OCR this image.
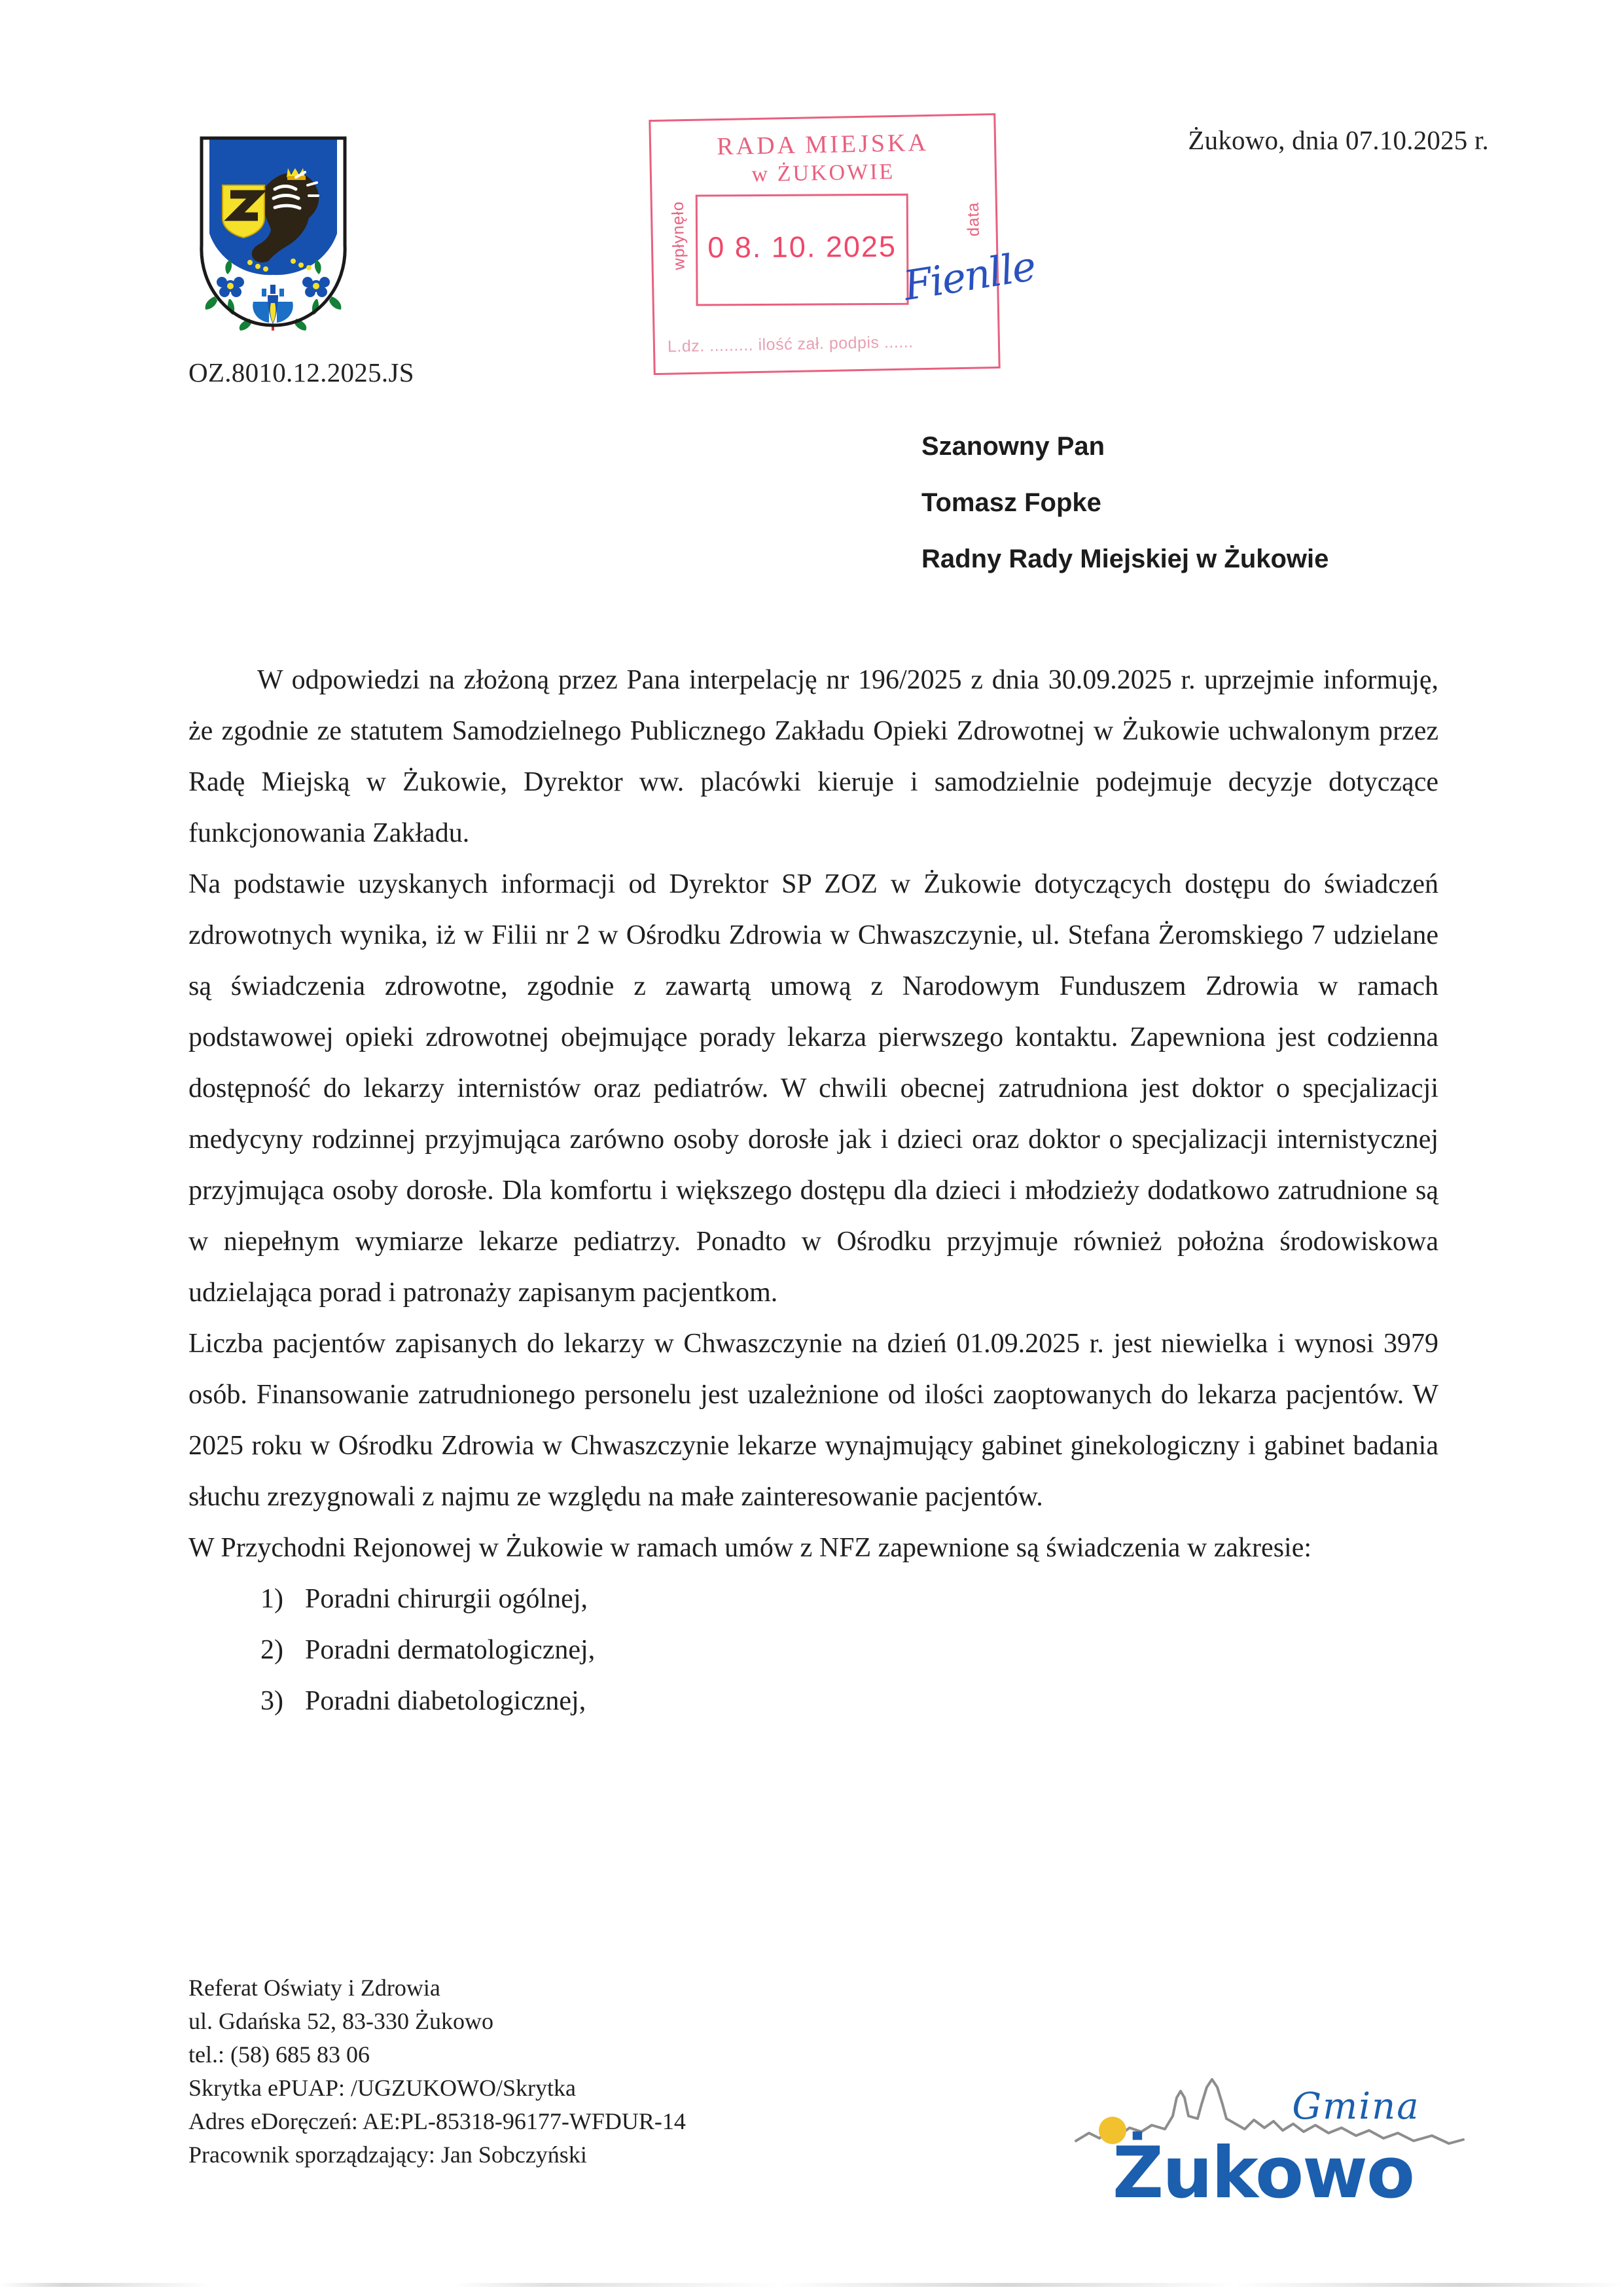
Żukowo, dnia 07.10.2025 r.
OZ.8010.12.2025.JS
RADA MIEJSKA
w ŻUKOWIE
0 8. 10. 2025
wpłynęło	data
L.dz. ......... ilość zał. podpis ......
Fienlle
Szanowny Pan
Tomasz Fopke
Radny Rady Miejskiej w Żukowie

W odpowiedzi na złożoną przez Pana interpelację nr 196/2025 z dnia 30.09.2025 r. uprzejmie informuję, że zgodnie ze statutem Samodzielnego Publicznego Zakładu Opieki Zdrowotnej w Żukowie uchwalonym przez Radę Miejską w Żukowie, Dyrektor ww. placówki kieruje i samodzielnie podejmuje decyzje dotyczące funkcjonowania Zakładu.

Na podstawie uzyskanych informacji od Dyrektor SP ZOZ w Żukowie dotyczących dostępu do świadczeń zdrowotnych wynika, iż w Filii nr 2 w Ośrodku Zdrowia w Chwaszczynie, ul. Stefana Żeromskiego 7 udzielane są świadczenia zdrowotne, zgodnie z zawartą umową z Narodowym Funduszem Zdrowia w ramach podstawowej opieki zdrowotnej obejmujące porady lekarza pierwszego kontaktu. Zapewniona jest codzienna dostępność do lekarzy internistów oraz pediatrów. W chwili obecnej zatrudniona jest doktor o specjalizacji medycyny rodzinnej przyjmująca zarówno osoby dorosłe jak i dzieci oraz doktor o specjalizacji internistycznej przyjmująca osoby dorosłe. Dla komfortu i większego dostępu dla dzieci i młodzieży dodatkowo zatrudnione są w niepełnym wymiarze lekarze pediatrzy. Ponadto w Ośrodku przyjmuje również położna środowiskowa udzielająca porad i patronaży zapisanym pacjentkom.

Liczba pacjentów zapisanych do lekarzy w Chwaszczynie na dzień 01.09.2025 r. jest niewielka i wynosi 3979 osób. Finansowanie zatrudnionego personelu jest uzależnione od ilości zaoptowanych do lekarza pacjentów. W 2025 roku w Ośrodku Zdrowia w Chwaszczynie lekarze wynajmujący gabinet ginekologiczny i gabinet badania słuchu zrezygnowali z najmu ze względu na małe zainteresowanie pacjentów.

W Przychodni Rejonowej w Żukowie w ramach umów z NFZ zapewnione są świadczenia w zakresie:

1) Poradni chirurgii ogólnej,
2) Poradni dermatologicznej,
3) Poradni diabetologicznej,
Referat Oświaty i Zdrowia
ul. Gdańska 52, 83-330 Żukowo
tel.: (58) 685 83 06
Skrytka ePUAP: /UGZUKOWO/Skrytka
Adres eDoręczeń: AE:PL-85318-96177-WFDUR-14
Pracownik sporządzający: Jan Sobczyński
Gmina
Żukowo
